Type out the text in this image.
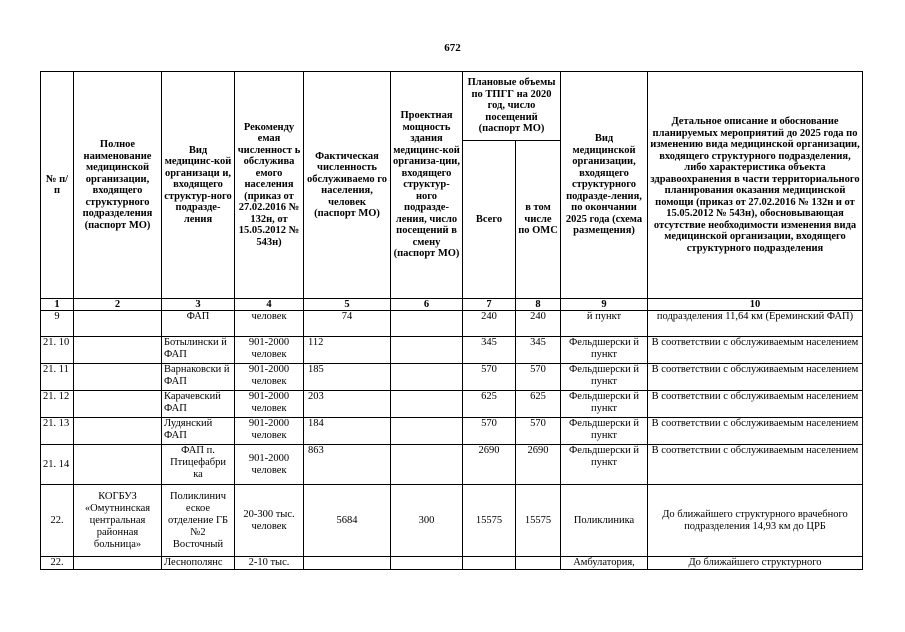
672
№ п/п	Полное наименование медицинской организации, входящего структурного подразделения (паспорт МО)	Вид медицинс-кой организаци и, входящего структур-ного подразде-ления	Рекоменду емая численност ь обслужива емого населения (приказ от 27.02.2016 № 132н, от 15.05.2012 № 543н)	Фактическая численность обслуживаемо го населения, человек (паспорт МО)	Проектная мощность здания медицинс-кой организа-ции, входящего структур-ного подразде-ления, число посещений в смену (паспорт МО)	Плановые объемы по ТПГГ на 2020 год, число посещений (паспорт МО)		Вид медицинской организации, входящего структурного подразде-ления, по окончании 2025 года (схема размещения)	Детальное описание и обоснование планируемых мероприятий до 2025 года по изменению вида медицинской организации, входящего структурного подразделения, либо характеристика объекта здравоохранения в части территориального планирования оказания медицинской помощи (приказ от 27.02.2016 № 132н и от 15.05.2012 № 543н), обосновывающая отсутствие необходимости изменения вида медицинской организации, входящего структурного подразделения
						Всего	в том числе по ОМС		
1	2	3	4	5	6	7	8	9	10
9		ФАП	человек	74		240	240	й пункт	подразделения 11,64 км (Ереминский ФАП)
21. 10		Ботылински й ФАП	901-2000 человек	112		345	345	Фельдшерски й пункт	В соответствии с обслуживаемым населением
21. 11		Варнаковски й ФАП	901-2000 человек	185		570	570	Фельдшерски й пункт	В соответствии с обслуживаемым населением
21. 12		Карачевский ФАП	901-2000 человек	203		625	625	Фельдшерски й пункт	В соответствии с обслуживаемым населением
21. 13		Лудянский ФАП	901-2000 человек	184		570	570	Фельдшерски й пункт	В соответствии с обслуживаемым населением
21. 14		ФАП п. Птицефабри ка	901-2000 человек	863		2690	2690	Фельдшерски й пункт	В соответствии с обслуживаемым населением
22.	КОГБУЗ «Омутнинская центральная районная больница»	Поликлинич еское отделение ГБ №2 Восточный	20-300 тыс. человек	5684	300	15575	15575	Поликлиника	До ближайшего структурного врачебного подразделения 14,93 км до ЦРБ
22.		Леснополянс	2-10 тыс.					Амбулатория,	До ближайшего структурного
